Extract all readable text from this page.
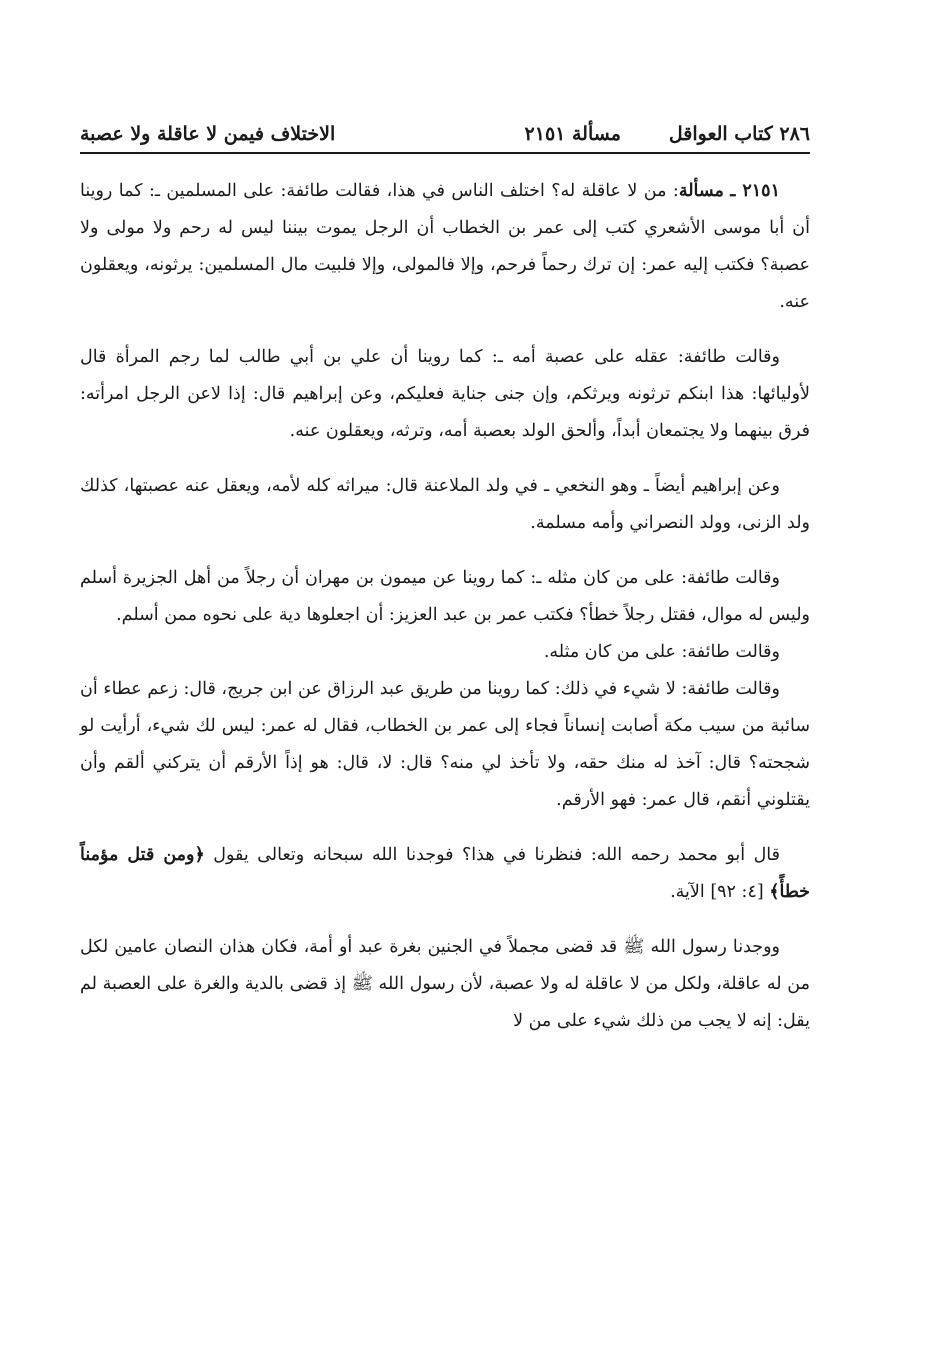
٢٨٦ كتاب العواقل
مسألة ٢١٥١
الاختلاف فيمن لا عاقلة ولا عصبة

٢١٥١ ـ مسألة: من لا عاقلة له؟ اختلف الناس في هذا، فقالت طائفة: على المسلمين ـ: كما روينا أن أبا موسى الأشعري كتب إلى عمر بن الخطاب أن الرجل يموت بيننا ليس له رحم ولا مولى ولا عصبة؟ فكتب إليه عمر: إن ترك رحماً فرحم، وإلا فالمولى، وإلا فلبيت مال المسلمين: يرثونه، ويعقلون عنه.

وقالت طائفة: عقله على عصبة أمه ـ: كما روينا أن علي بن أبي طالب لما رجم المرأة قال لأوليائها: هذا ابنكم ترثونه ويرثكم، وإن جنى جناية فعليكم، وعن إبراهيم قال: إذا لاعن الرجل امرأته: فرق بينهما ولا يجتمعان أبداً، وألحق الولد بعصبة أمه، وترثه، ويعقلون عنه.

وعن إبراهيم أيضاً ـ وهو النخعي ـ في ولد الملاعنة قال: ميراثه كله لأمه، ويعقل عنه عصبتها، كذلك ولد الزنى، وولد النصراني وأمه مسلمة.

وقالت طائفة: على من كان مثله ـ: كما روينا عن ميمون بن مهران أن رجلاً من أهل الجزيرة أسلم وليس له موال، فقتل رجلاً خطأ؟ فكتب عمر بن عبد العزيز: أن اجعلوها دية على نحوه ممن أسلم.

وقالت طائفة: على من كان مثله.

وقالت طائفة: لا شيء في ذلك: كما روينا من طريق عبد الرزاق عن ابن جريج، قال: زعم عطاء أن سائبة من سيب مكة أصابت إنساناً فجاء إلى عمر بن الخطاب، فقال له عمر: ليس لك شيء، أرأيت لو شجحته؟ قال: آخذ له منك حقه، ولا تأخذ لي منه؟ قال: لا، قال: هو إذاً الأرقم أن يتركني ألقم وأن يقتلوني أنقم، قال عمر: فهو الأرقم.

قال أبو محمد رحمه الله: فنظرنا في هذا؟ فوجدنا الله سبحانه وتعالى يقول ﴿ومن قتل مؤمناً خطأً﴾ [٤: ٩٢] الآية.

ووجدنا رسول الله ﷺ قد قضى مجملاً في الجنين بغرة عبد أو أمة، فكان هذان النصان عامين لكل من له عاقلة، ولكل من لا عاقلة له ولا عصبة، لأن رسول الله ﷺ إذ قضى بالدية والغرة على العصبة لم يقل: إنه لا يجب من ذلك شيء على من لا
